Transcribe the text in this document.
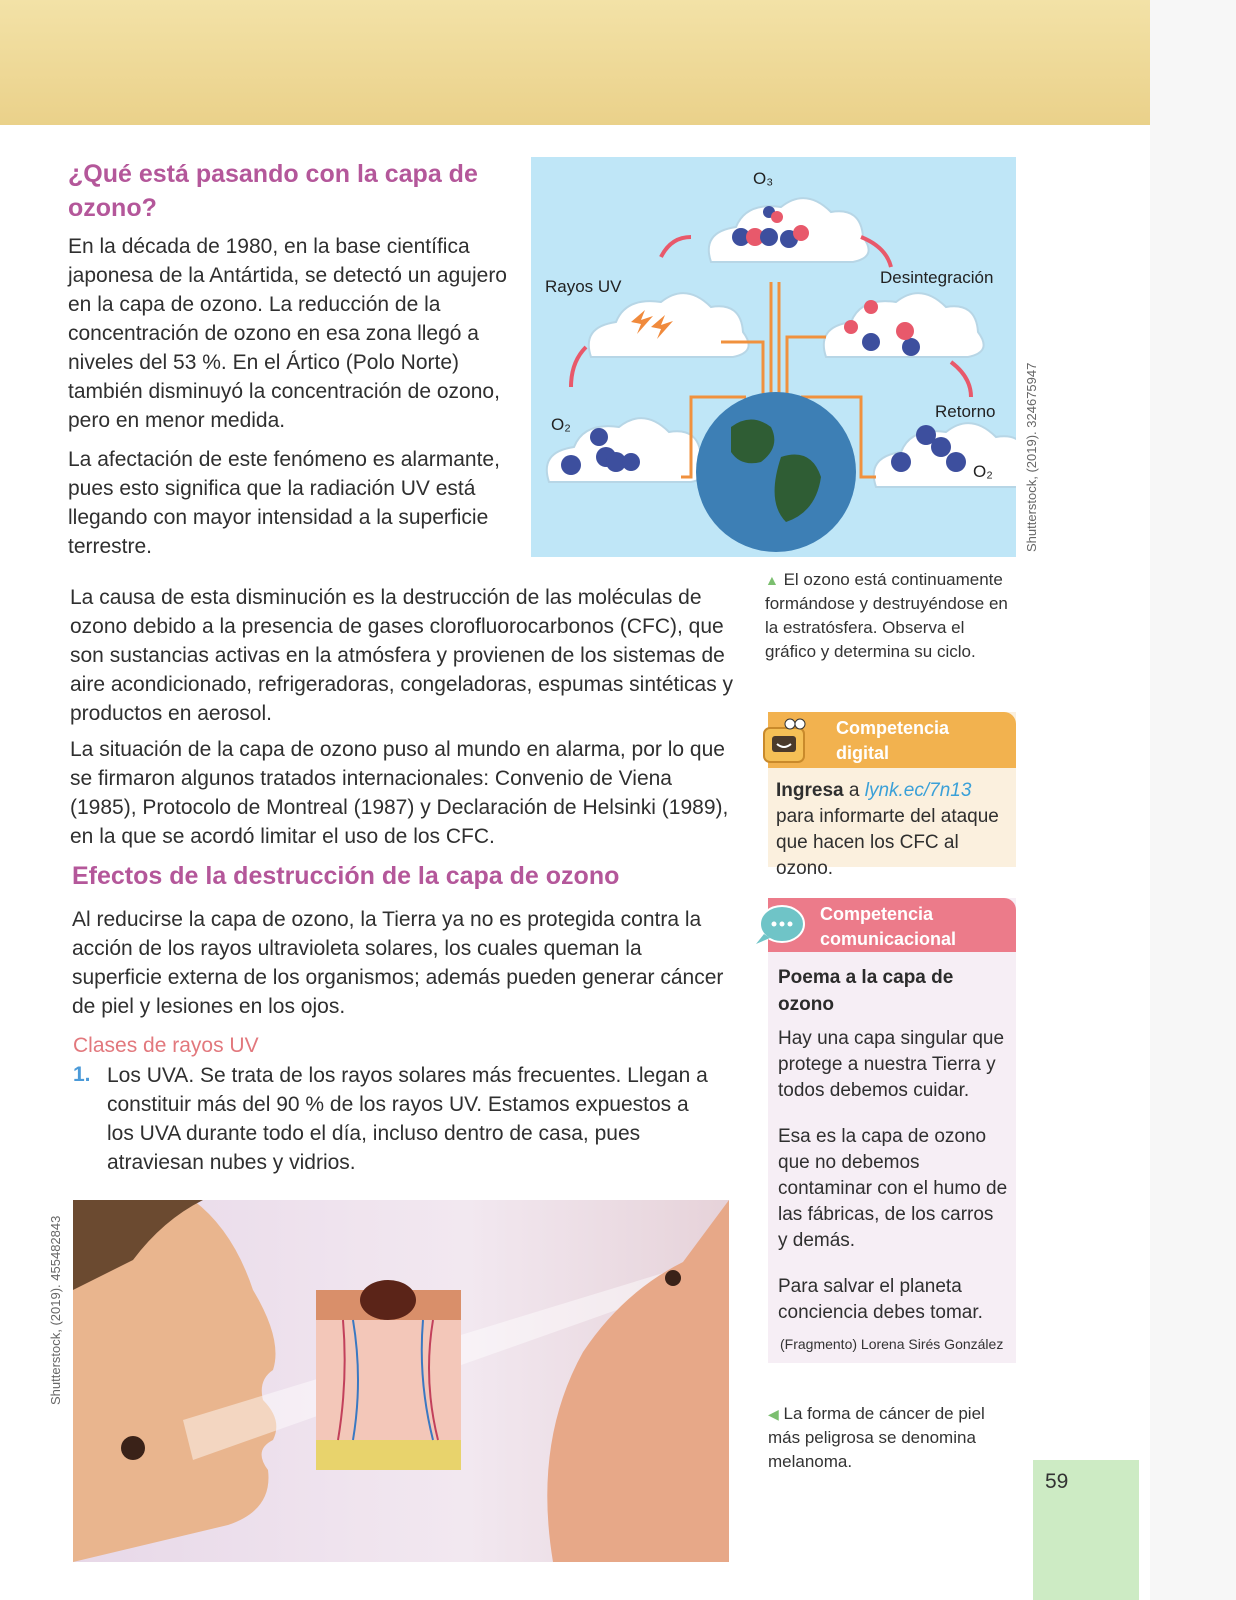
¿Qué está pasando con la capa de ozono?
En la década de 1980, en la base científica japonesa de la Antártida, se detectó un agujero en la capa de ozono. La reducción de la concentración de ozono en esa zona llegó a niveles del 53 %. En el Ártico (Polo Norte) también disminuyó la concentración de ozono, pero en menor medida.
La afectación de este fenómeno es alarmante, pues esto significa que la radiación UV está llegando con mayor intensidad a la superficie terrestre.
La causa de esta disminución es la destrucción de las moléculas de ozono debido a la presencia de gases clorofluorocarbonos (CFC), que son sustancias activas en la atmósfera y provienen de los sistemas de aire acondicionado, refrigeradoras, congeladoras, espumas sintéticas y productos en aerosol.
La situación de la capa de ozono puso al mundo en alarma, por lo que se firmaron algunos tratados internacionales: Convenio de Viena (1985), Protocolo de Montreal (1987) y Declaración de Helsinki (1989), en la que se acordó limitar el uso de los CFC.
Efectos de la destrucción de la capa de ozono
Al reducirse la capa de ozono, la Tierra ya no es protegida contra la acción de los rayos ultravioleta solares, los cuales queman la superficie externa de los organismos; además pueden generar cáncer de piel y lesiones en los ojos.
Clases de rayos UV
1. Los UVA. Se trata de los rayos solares más frecuentes. Llegan a constituir más del 90 % de los rayos UV. Estamos expuestos a los UVA durante todo el día, incluso dentro de casa, pues atraviesan nubes y vidrios.
O₃
Rayos UV	Desintegración
Retorno
O₂
O₂ Shutterstock, (2019). 324675947
▲ El ozono está continuamente formándose y destruyéndose en la estratósfera. Observa el gráfico y determina su ciclo.
Competencia digital
Ingresa a lynk.ec/7n13 para informarte del ataque que hacen los CFC al ozono.
Competencia comunicacional
Poema a la capa de ozono
Hay una capa singular que protege a nuestra Tierra y todos debemos cuidar.
Esa es la capa de ozono que no debemos contaminar con el humo de las fábricas, de los carros y demás.
Para salvar el planeta conciencia debes tomar.
(Fragmento) Lorena Sirés González
Shutterstock, (2019). 455482843
◀ La forma de cáncer de piel más peligrosa se denomina melanoma.
59
